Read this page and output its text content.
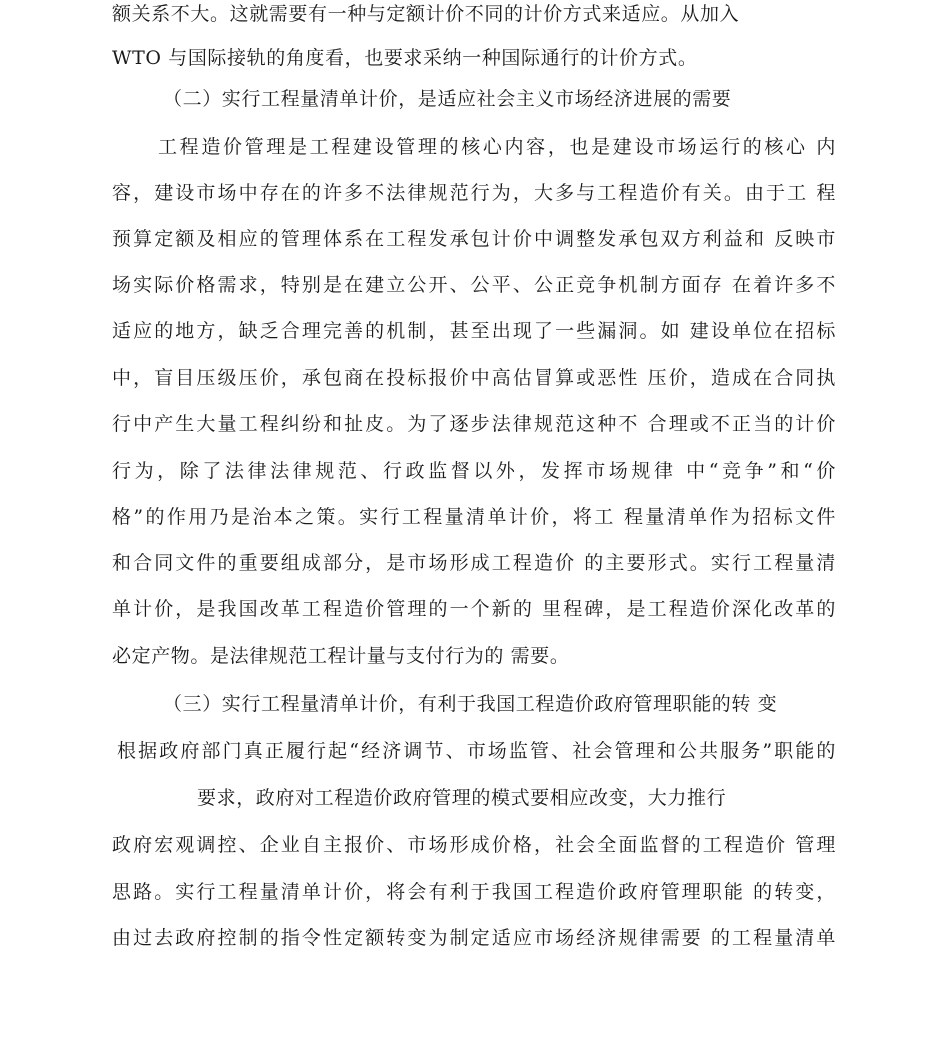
额关系不大。这就需要有一种与定额计价不同的计价方式来适应。从加入
WTO 与国际接轨的角度看，也要求采纳一种国际通行的计价方式。
（二）实行工程量清单计价，是适应社会主义市场经济进展的需要
工程造价管理是工程建设管理的核心内容，也是建设市场运行的核心 内
容，建设市场中存在的许多不法律规范行为，大多与工程造价有关。由于工 程
预算定额及相应的管理体系在工程发承包计价中调整发承包双方利益和 反映市
场实际价格需求，特别是在建立公开、公平、公正竞争机制方面存 在着许多不
适应的地方，缺乏合理完善的机制，甚至出现了一些漏洞。如 建设单位在招标
中，盲目压级压价，承包商在投标报价中高估冒算或恶性 压价，造成在合同执
行中产生大量工程纠纷和扯皮。为了逐步法律规范这种不 合理或不正当的计价
行为，除了法律法律规范、行政监督以外，发挥市场规律 中“竞争”和“价
格”的作用乃是治本之策。实行工程量清单计价，将工 程量清单作为招标文件
和合同文件的重要组成部分，是市场形成工程造价 的主要形式。实行工程量清
单计价，是我国改革工程造价管理的一个新的 里程碑，是工程造价深化改革的
必定产物。是法律规范工程计量与支付行为的 需要。
（三）实行工程量清单计价，有利于我国工程造价政府管理职能的转 变
根据政府部门真正履行起“经济调节、市场监管、社会管理和公共服务”职能的
要求，政府对工程造价政府管理的模式要相应改变，大力推行
政府宏观调控、企业自主报价、市场形成价格，社会全面监督的工程造价 管理
思路。实行工程量清单计价，将会有利于我国工程造价政府管理职能 的转变，
由过去政府控制的指令性定额转变为制定适应市场经济规律需要 的工程量清单
